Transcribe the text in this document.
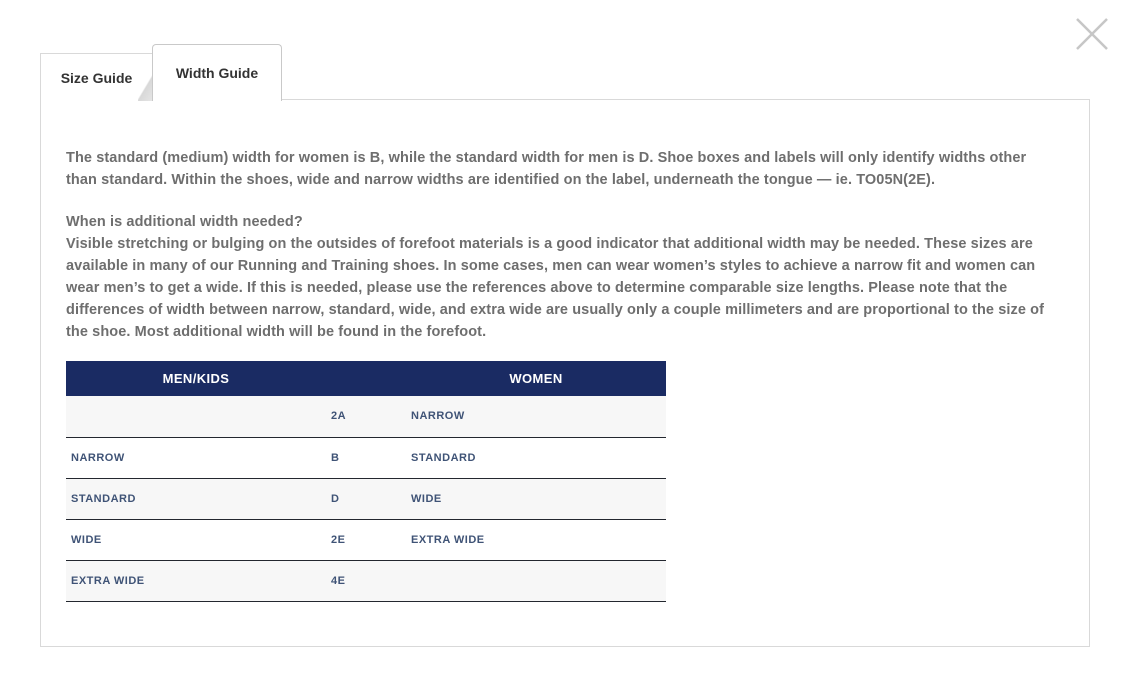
Size Guide	Width Guide

The standard (medium) width for women is B, while the standard width for men is D. Shoe boxes and labels will only identify widths other than standard. Within the shoes, wide and narrow widths are identified on the label, underneath the tongue — ie. TO05N(2E).

When is additional width needed?

Visible stretching or bulging on the outsides of forefoot materials is a good indicator that additional width may be needed. These sizes are available in many of our Running and Training shoes. In some cases, men can wear women’s styles to achieve a narrow fit and women can wear men’s to get a wide. If this is needed, please use the references above to determine comparable size lengths. Please note that the differences of width between narrow, standard, wide, and extra wide are usually only a couple millimeters and are proportional to the size of the shoe. Most additional width will be found in the forefoot.

MEN/KIDS		WOMEN
	2A	NARROW
NARROW	B	STANDARD
STANDARD	D	WIDE
WIDE	2E	EXTRA WIDE
EXTRA WIDE	4E	
